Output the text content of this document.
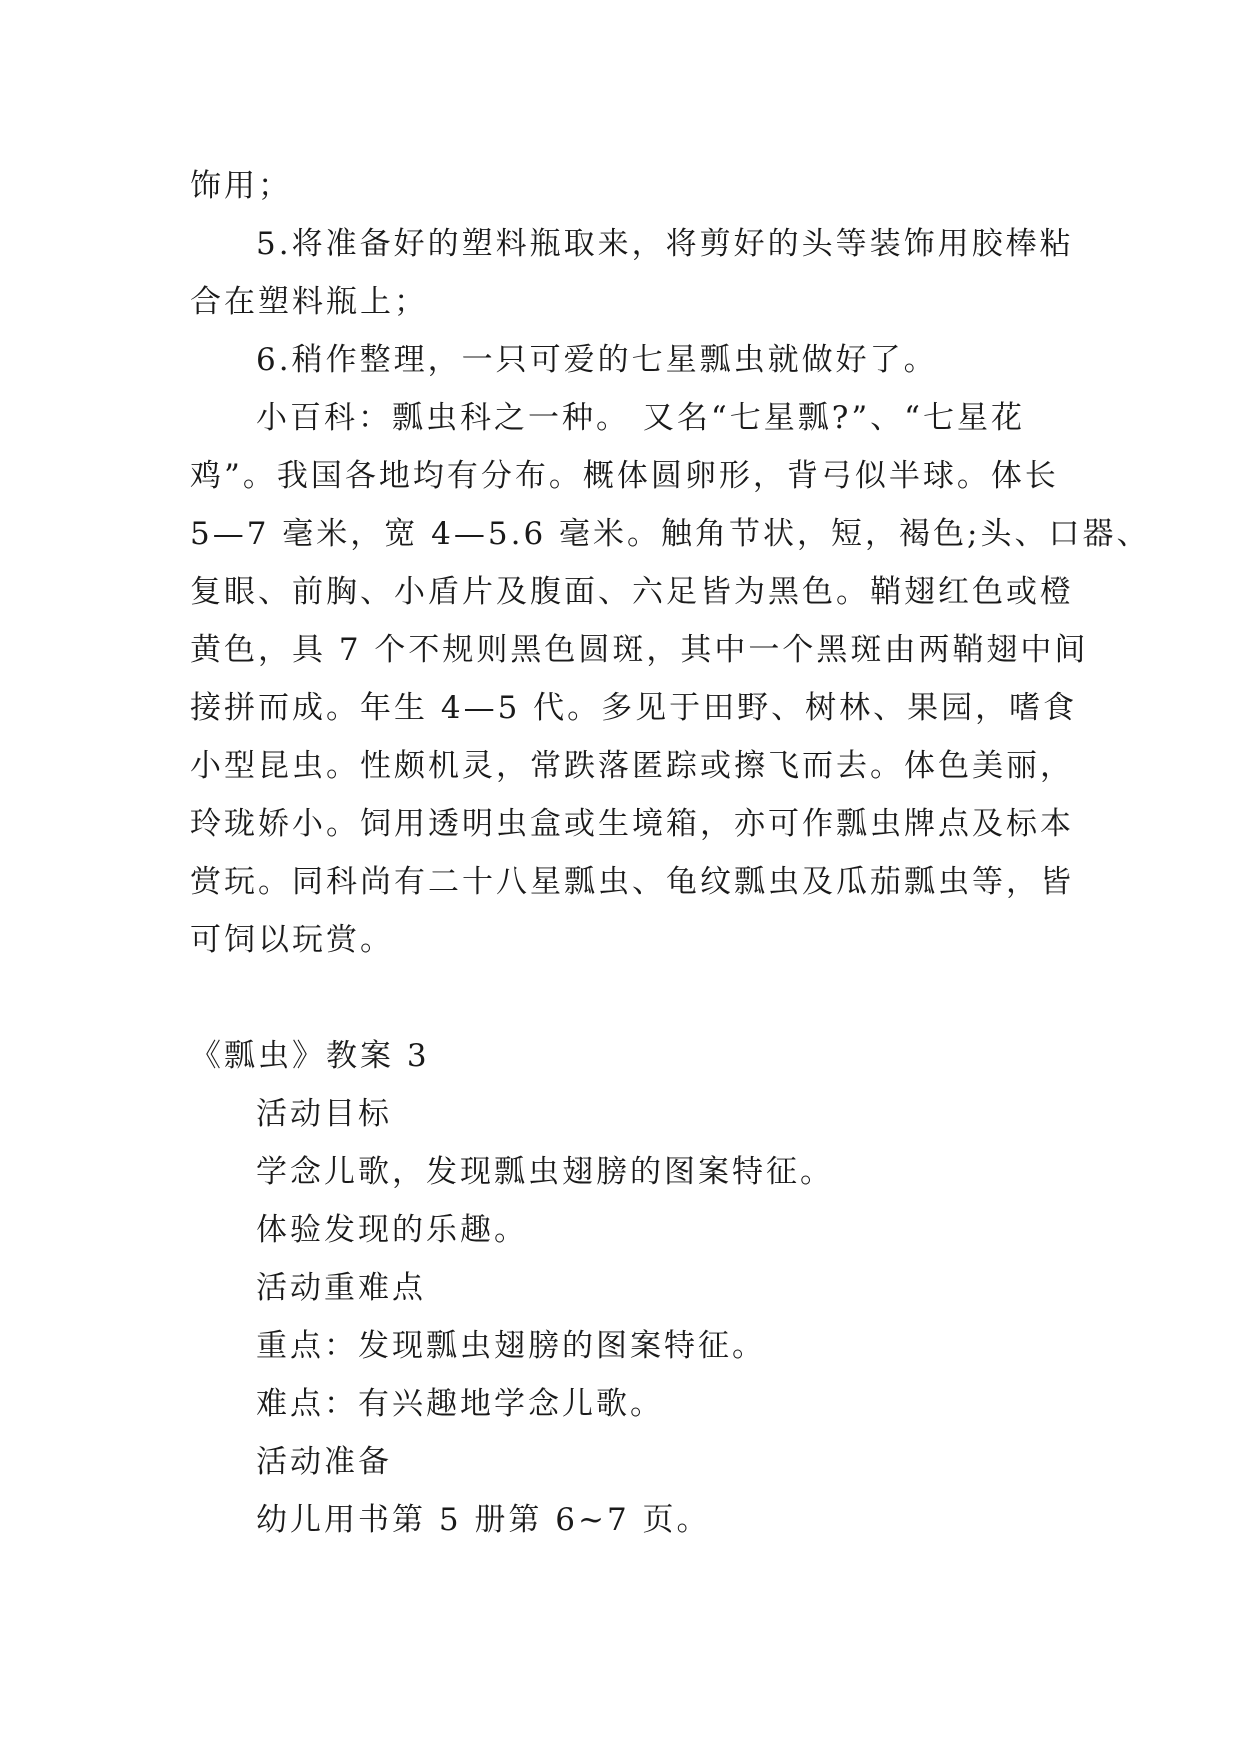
饰用；
5.将准备好的塑料瓶取来，将剪好的头等装饰用胶棒粘
合在塑料瓶上；
6.稍作整理，一只可爱的七星瓢虫就做好了。
小百科：瓢虫科之一种。 又名“七星瓢?”、“七星花
鸡”。我国各地均有分布。概体圆卵形，背弓似半球。体长
5—7 毫米，宽 4—5.6 毫米。触角节状，短，褐色;头、口器、
复眼、前胸、小盾片及腹面、六足皆为黑色。鞘翅红色或橙
黄色，具 7 个不规则黑色圆斑，其中一个黑斑由两鞘翅中间
接拼而成。年生 4—5 代。多见于田野、树林、果园，嗜食
小型昆虫。性颇机灵，常跌落匿踪或擦飞而去。体色美丽，
玲珑娇小。饲用透明虫盒或生境箱，亦可作瓢虫牌点及标本
赏玩。同科尚有二十八星瓢虫、龟纹瓢虫及瓜茄瓢虫等，皆
可饲以玩赏。
《瓢虫》教案 3
活动目标
学念儿歌，发现瓢虫翅膀的图案特征。
体验发现的乐趣。
活动重难点
重点：发现瓢虫翅膀的图案特征。
难点：有兴趣地学念儿歌。
活动准备
幼儿用书第 5 册第 6~7 页。
